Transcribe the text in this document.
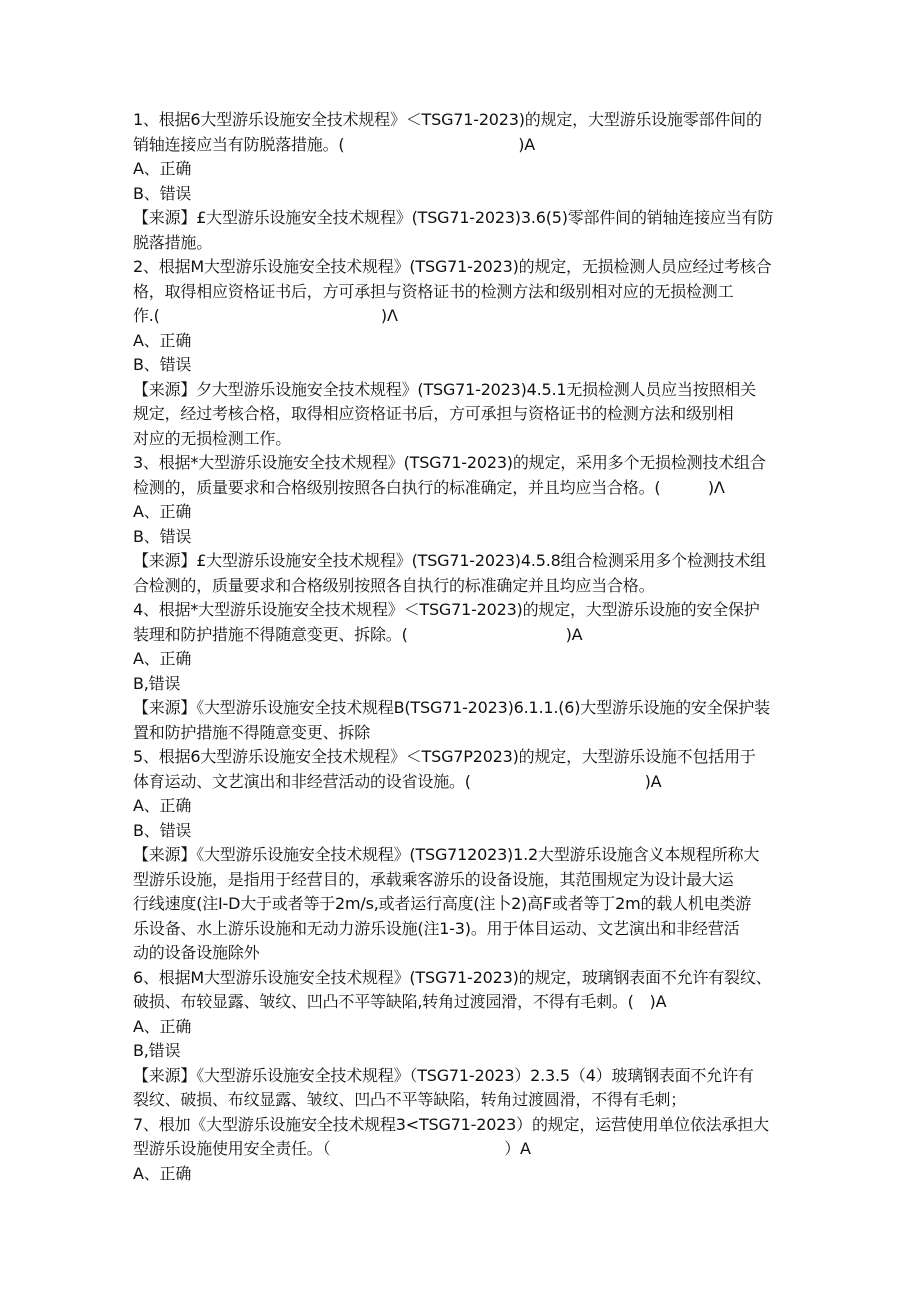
1、根据6大型游乐设施安全技术规程》＜TSG71-2023)的规定，大型游乐设施零部件间的
销轴连接应当有防脱落措施。(　　　　　　　　　　　)A
A、正确
B、错误
【来源】£大型游乐设施安全技术规程》(TSG71-2023)3.6(5)零部件间的销轴连接应当有防
脱落措施。
2、根据M大型游乐设施安全技术规程》(TSG71-2023)的规定，无损检测人员应经过考核合
格，取得相应资格证书后，方可承担与资格证书的检测方法和级别相对应的无损检测工
作.(　　　　　　　　　　　　　　)Λ
A、正确
B、错误
【来源】夕大型游乐设施安全技术规程》(TSG71-2023)4.5.1无损检测人员应当按照相关
规定，经过考核合格，取得相应资格证书后，方可承担与资格证书的检测方法和级别相
对应的无损检测工作。
3、根据*大型游乐设施安全技术规程》(TSG71-2023)的规定，采用多个无损检测技术组合
检测的，质量要求和合格级别按照各白执行的标准确定，并且均应当合格。(　　　)Λ
A、正确
B、错误
【来源】£大型游乐设施安全技术规程》(TSG71-2023)4.5.8组合检测采用多个检测技术组
合检测的，质量要求和合格级别按照各自执行的标准确定并且均应当合格。
4、根据*大型游乐设施安全技术规程》＜TSG71-2023)的规定，大型游乐设施的安全保护
装理和防护措施不得随意变更、拆除。(　　　　　　　　　　)A
A、正确
B,错误
【来源】《大型游乐设施安全技术规程B(TSG71-2023)6.1.1.(6)大型游乐设施的安全保护装
置和防护措施不得随意变更、拆除
5、根据6大型游乐设施安全技术规程》＜TSG7P2023)的规定，大型游乐设施不包括用于
体育运动、文艺演出和非经营活动的设省设施。(　　　　　　　　　　　)A
A、正确
B、错误
【来源】《大型游乐设施安全技术规程》(TSG712023)1.2大型游乐设施含义本规程所称大
型游乐设施，是指用于经营目的，承载乘客游乐的设备设施，其范围规定为设计最大运
行线速度(注I-D大于或者等于2m∕s,或者运行高度(注卜2)高F或者等丁2m的载人机电类游
乐设备、水上游乐设施和无动力游乐设施(注1-3)。用于体目运动、文艺演出和非经营活
动的设备设施除外
6、根据M大型游乐设施安全技术规程》(TSG71-2023)的规定，玻璃钢表面不允许有裂纹、
破损、布较显露、皱纹、凹凸不平等缺陷,转角过渡园滑，不得有毛刺。(　)A
A、正确
B,错误
【来源】《大型游乐设施安全技术规程》（TSG71-2023）2.3.5（4）玻璃钢表面不允许有
裂纹、破损、布纹显露、皱纹、凹凸不平等缺陷，转角过渡圆滑，不得有毛刺；
7、根加《大型游乐设施安全技术规程3<TSG71-2023）的规定，运营使用单位依法承担大
型游乐设施使用安全责任。（　　　　　　　　　　　）A
A、正确
